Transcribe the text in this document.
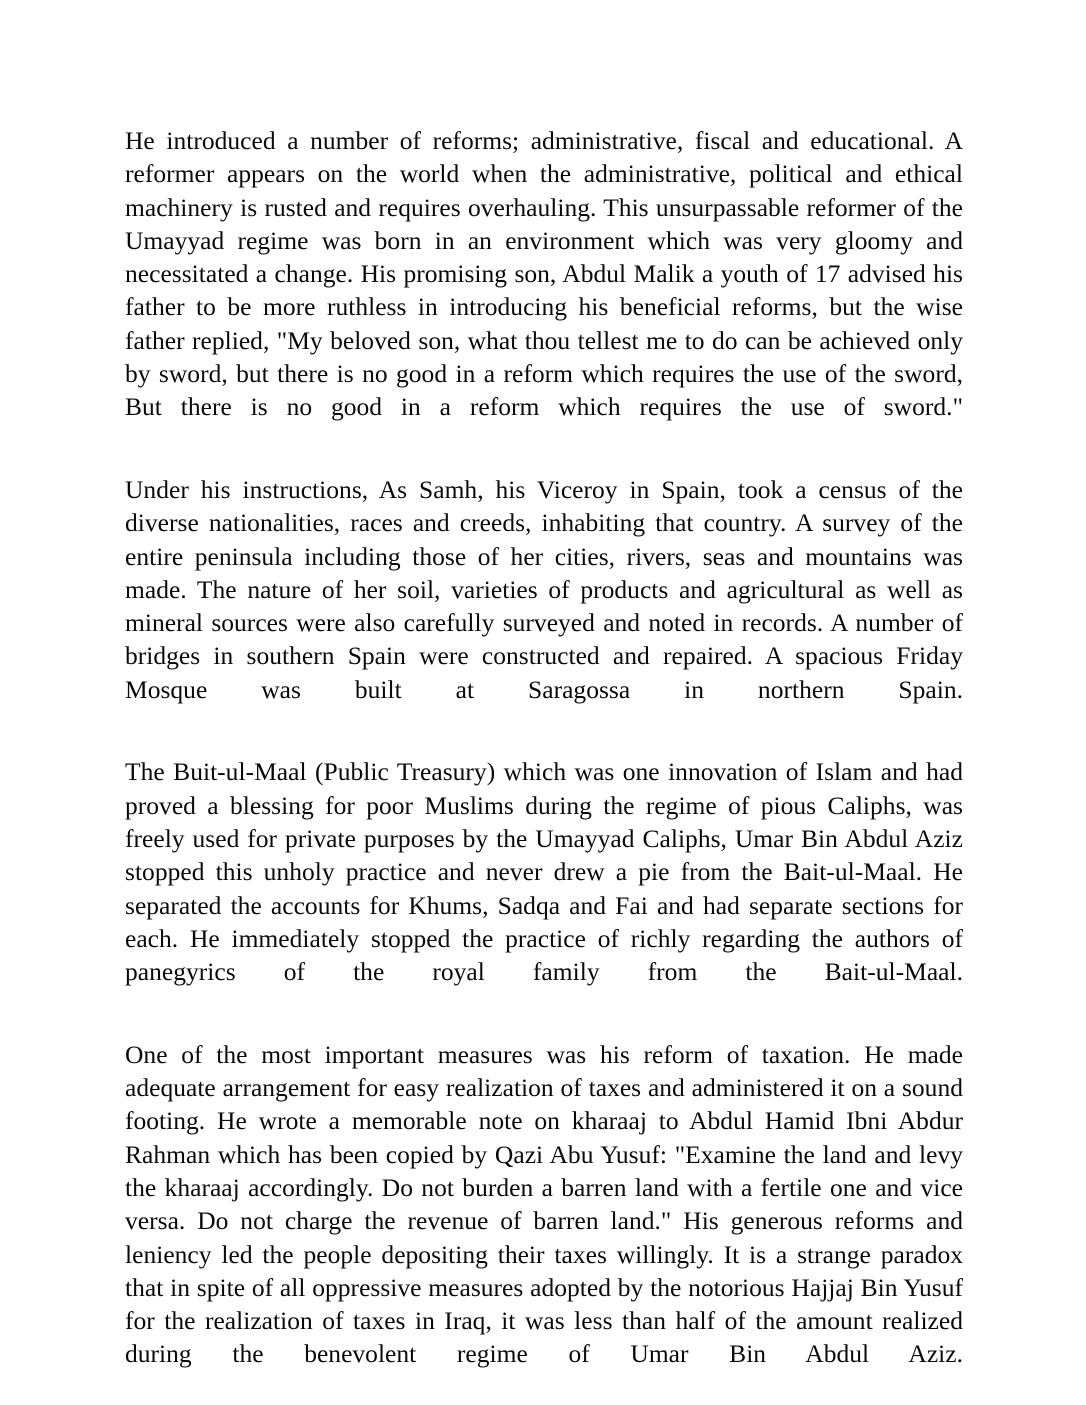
He introduced a number of reforms; administrative, fiscal and educational. A reformer appears on the world when the administrative, political and ethical machinery is rusted and requires overhauling. This unsurpassable reformer of the Umayyad regime was born in an environment which was very gloomy and necessitated a change. His promising son, Abdul Malik a youth of 17 advised his father to be more ruthless in introducing his beneficial reforms, but the wise father replied, "My beloved son, what thou tellest me to do can be achieved only by sword, but there is no good in a reform which requires the use of the sword, But there is no good in a reform which requires the use of sword."

Under his instructions, As Samh, his Viceroy in Spain, took a census of the diverse nationalities, races and creeds, inhabiting that country. A survey of the entire peninsula including those of her cities, rivers, seas and mountains was made. The nature of her soil, varieties of products and agricultural as well as mineral sources were also carefully surveyed and noted in records. A number of bridges in southern Spain were constructed and repaired. A spacious Friday Mosque was built at Saragossa in northern Spain.

The Buit-ul-Maal (Public Treasury) which was one innovation of Islam and had proved a blessing for poor Muslims during the regime of pious Caliphs, was freely used for private purposes by the Umayyad Caliphs, Umar Bin Abdul Aziz stopped this unholy practice and never drew a pie from the Bait-ul-Maal. He separated the accounts for Khums, Sadqa and Fai and had separate sections for each. He immediately stopped the practice of richly regarding the authors of panegyrics of the royal family from the Bait-ul-Maal.

One of the most important measures was his reform of taxation. He made adequate arrangement for easy realization of taxes and administered it on a sound footing. He wrote a memorable note on kharaaj to Abdul Hamid Ibni Abdur Rahman which has been copied by Qazi Abu Yusuf: "Examine the land and levy the kharaaj accordingly. Do not burden a barren land with a fertile one and vice versa. Do not charge the revenue of barren land." His generous reforms and leniency led the people depositing their taxes willingly. It is a strange paradox that in spite of all oppressive measures adopted by the notorious Hajjaj Bin Yusuf for the realization of taxes in Iraq, it was less than half of the amount realized during the benevolent regime of Umar Bin Abdul Aziz.
